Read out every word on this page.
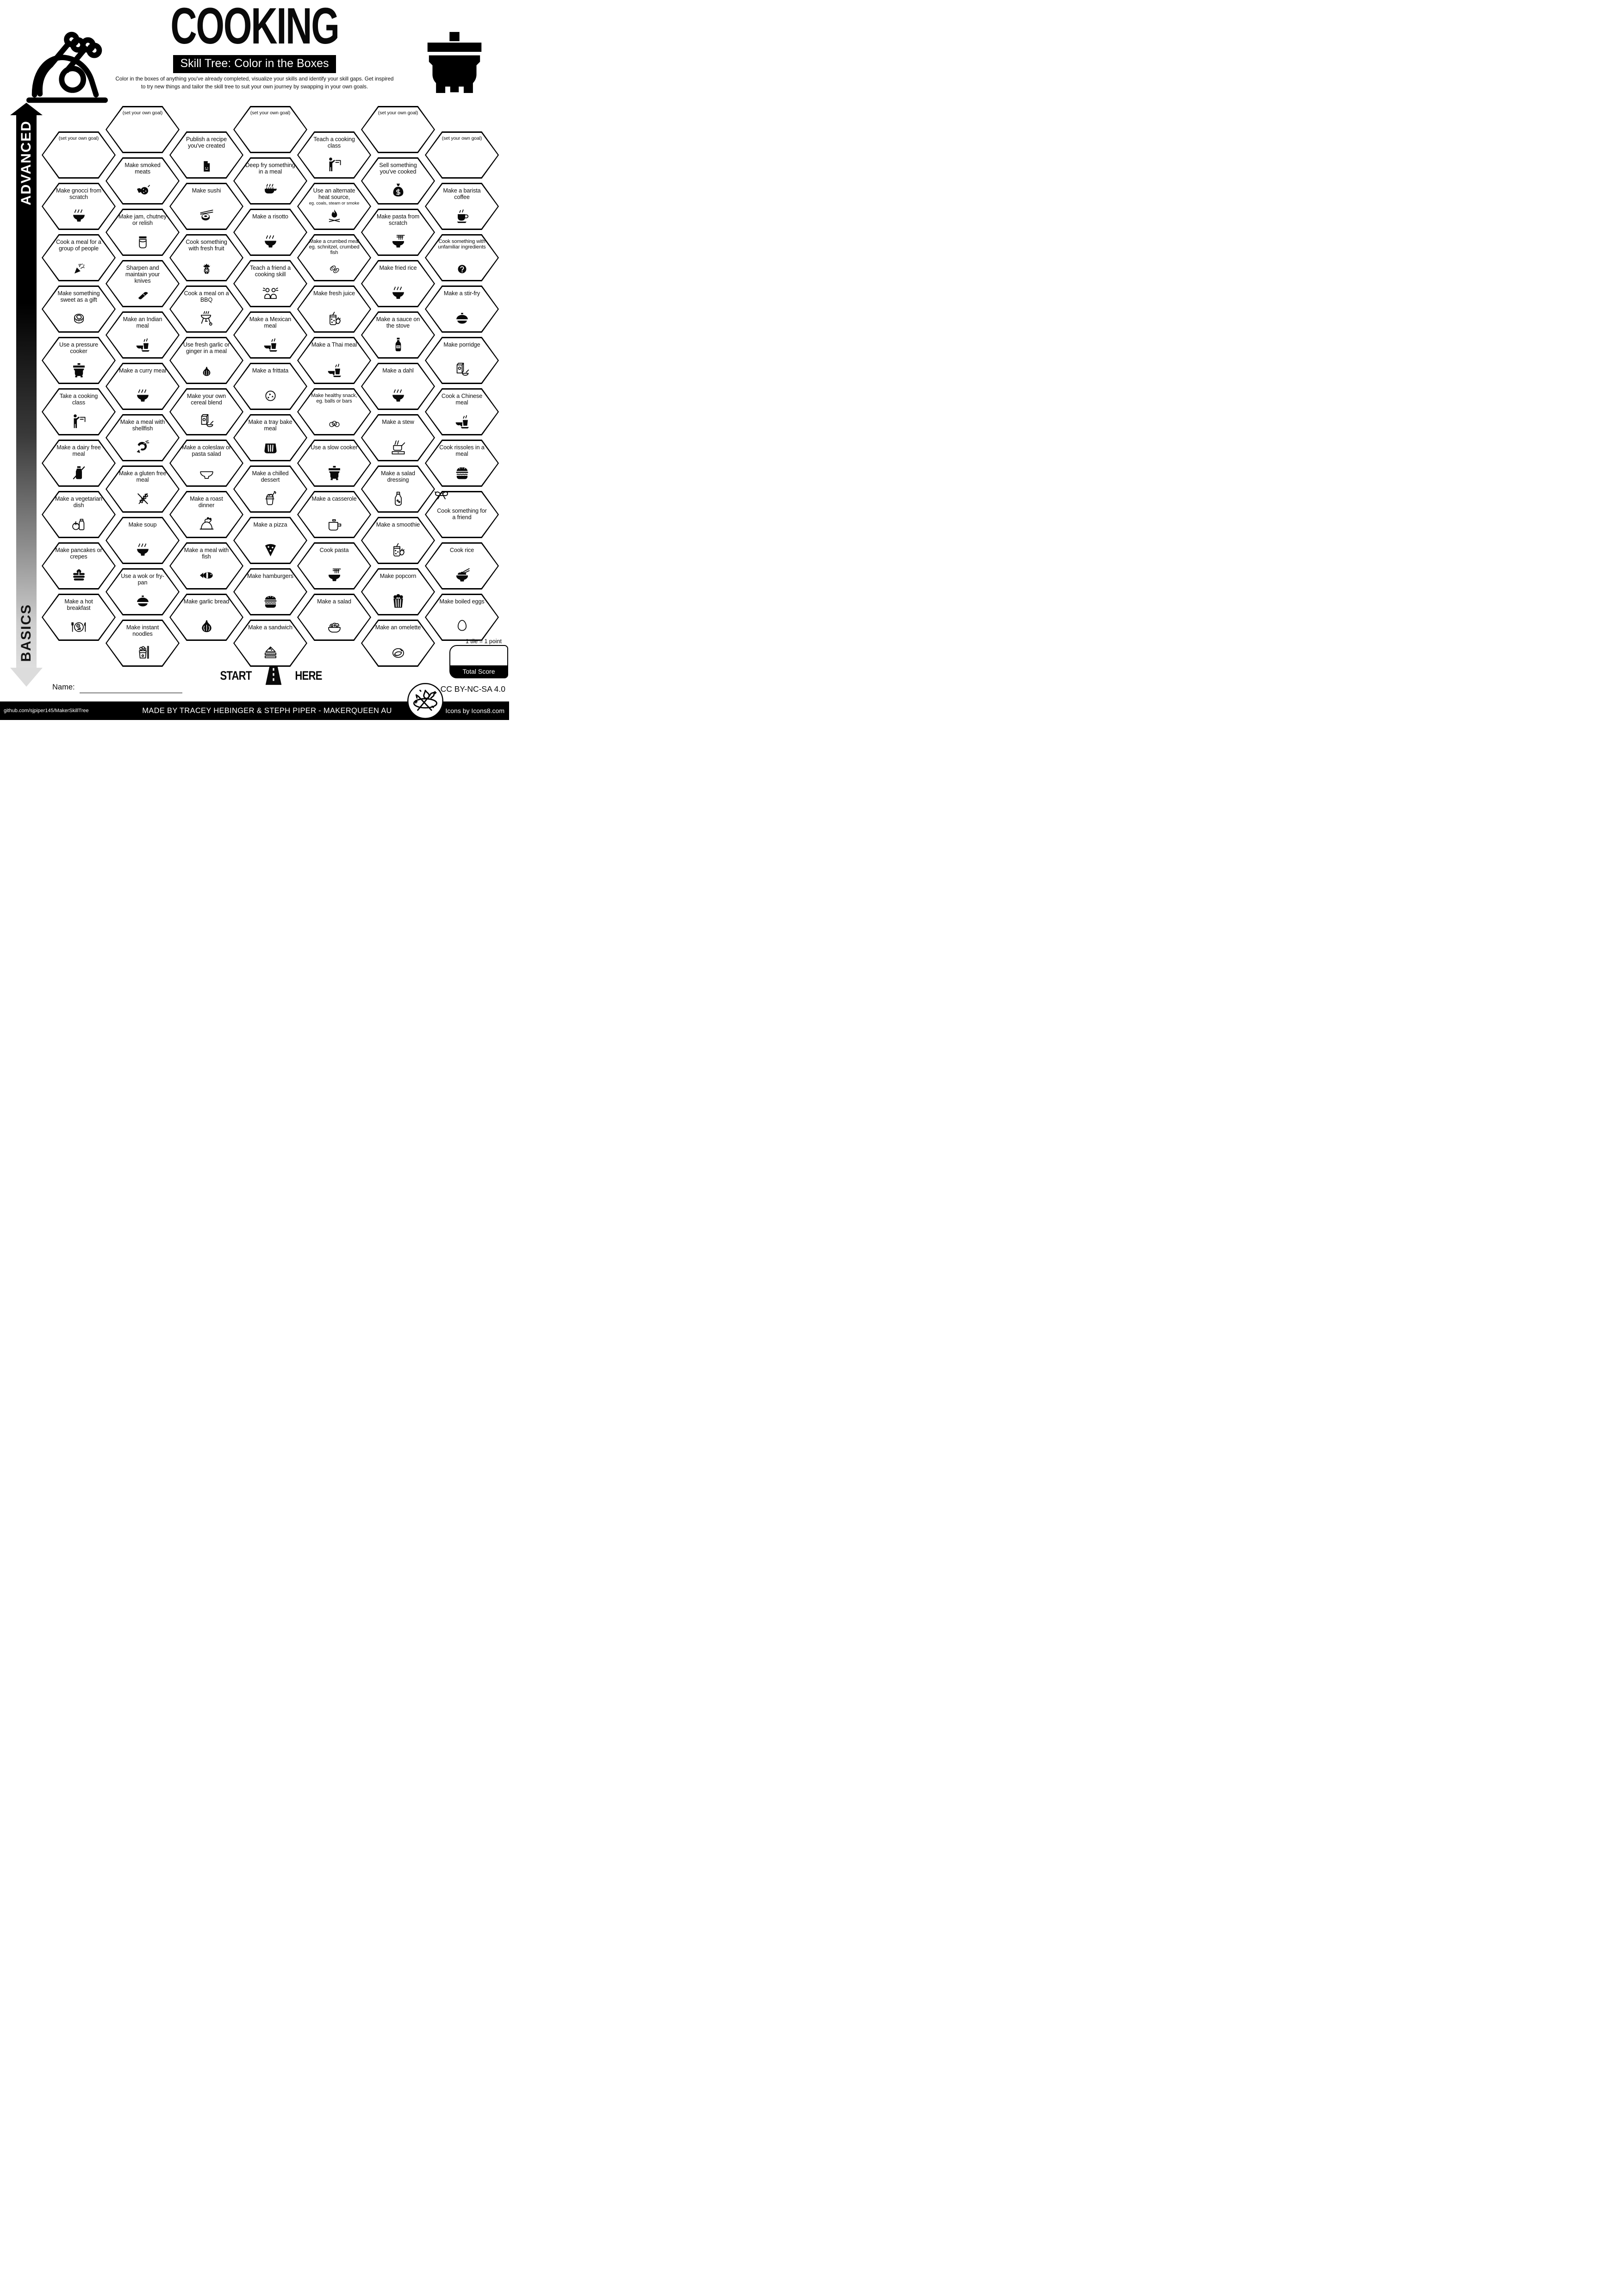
COOKING
Skill Tree: Color in the Boxes
Color in the boxes of anything you've already completed, visualize your skills and identify your skill gaps. Get inspired
to try new things and tailor the skill tree to suit your own journey by swapping in your own goals.
ADVANCED
BASICS
(set your own goal)
Make gnocci from scratch
Cook a meal for a group of people
Make something sweet as a gift
Use a pressure cooker
Take a cooking class
Make a dairy free meal
Make a vegetarian dish
Make pancakes or crepes
Make a hot breakfast
(set your own goal)
Make smoked meats
Make jam, chutney or relish
Sharpen and maintain your knives
Make an Indian meal
Make a curry meal
Make a meal with shellfish
Make a gluten free meal
Make soup
Use a wok or fry-pan
Make instant noodles
Publish a recipe you've created
Make sushi
Cook something with fresh fruit
Cook a meal on a BBQ
Use fresh garlic or ginger in a meal
Make your own cereal blend
Make a coleslaw or pasta salad
Make a roast dinner
Make a meal with fish
Make garlic bread
(set your own goal)
Deep fry something in a meal
Make a risotto
Teach a friend a cooking skill
Make a Mexican meal
Make a frittata
Make a tray bake meal
Make a chilled dessert
Make a pizza
Make hamburgers
Make a sandwich
Teach a cooking class
Use an alternate heat source,
eg. coals, steam or smoke
Make a crumbed meal eg. schnitzel, crumbed fish
Make fresh juice
Make a Thai meal
Make healthy snack, eg. balls or bars
Use a slow cooker
Make a casserole
Cook pasta
Make a salad
(set your own goal)
Sell something you've cooked
Make pasta from scratch
Make fried rice
Make a sauce on the stove
Make a dahl
Make a stew
Make a salad dressing
Make a smoothie
Make popcorn
Make an omelette
(set your own goal)
Make a barista coffee
Cook something with unfamiliar ingredients
Make a stir-fry
Make porridge
Cook a Chinese meal
Cook rissoles in a meal
Cook something for a friend
Cook rice
Make boiled eggs
START	HERE
Name:
1 tile = 1 point
Total Score
CC BY-NC-SA 4.0
github.com/sjpiper145/MakerSkillTree	MADE BY TRACEY HEBINGER & STEPH PIPER - MAKERQUEEN AU	Icons by Icons8.com
